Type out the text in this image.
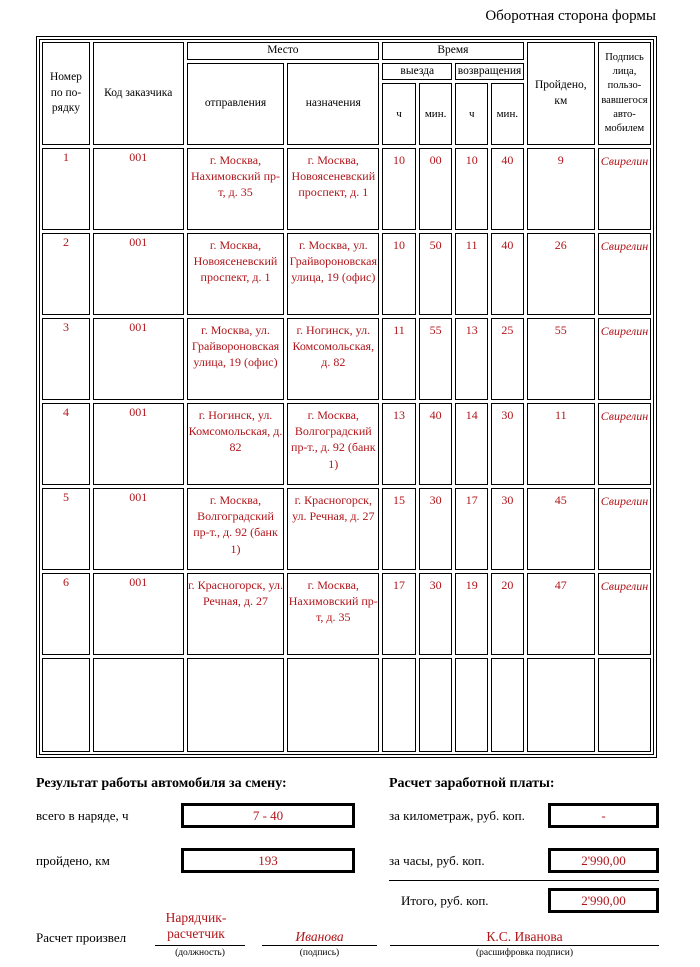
Оборотная сторона формы
Номер по по-рядку	Код заказчика	Место		Время				Пройдено, км	Подпись лица, пользо-вавшегося авто-мобилем
		отправления	назначения	выезда		возвращения			
				ч	мин.	ч	мин.		
1	001	г. Москва, Нахимовский пр-т, д. 35	г. Москва, Новоясеневский проспект, д. 1	10	00	10	40	9	Свирелин
2	001	г. Москва, Новоясеневский проспект, д. 1	г. Москва, ул. Грайвороновская улица, 19 (офис)	10	50	11	40	26	Свирелин
3	001	г. Москва, ул. Грайвороновская улица, 19 (офис)	г. Ногинск, ул. Комсомольская, д. 82	11	55	13	25	55	Свирелин
4	001	г. Ногинск, ул. Комсомольская, д. 82	г. Москва, Волгоградский пр-т., д. 92 (банк 1)	13	40	14	30	11	Свирелин
5	001	г. Москва, Волгоградский пр-т., д. 92 (банк 1)	г. Красногорск, ул. Речная, д. 27	15	30	17	30	45	Свирелин
6	001	г. Красногорск, ул. Речная, д. 27	г. Москва, Нахимовский пр-т, д. 35	17	30	19	20	47	Свирелин

Результат работы автомобиля за смену:
всего в наряде, ч	7 - 40
пройдено, км	193
Расчет заработной платы:
за километраж, руб. коп.	-
за часы, руб. коп.	2'990,00
Итого, руб. коп.	2'990,00
Расчет произвел
Нарядчик-расчетчик
(должность)
Иванова
(подпись)
К.С. Иванова
(расшифровка подписи)
